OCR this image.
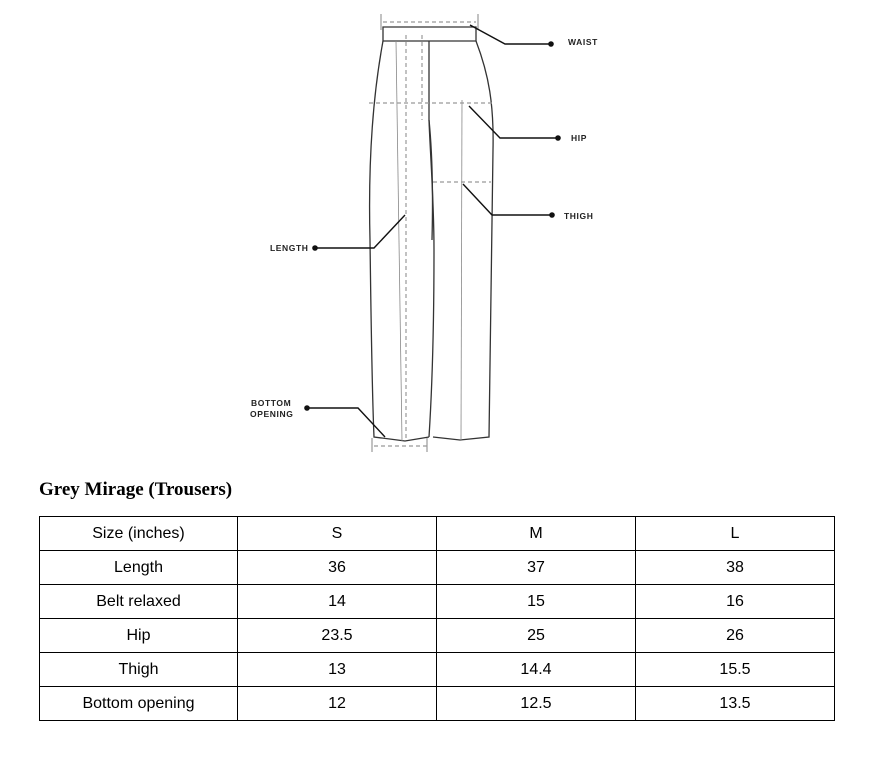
WAIST
HIP
THIGH
LENGTH
BOTTOM
OPENING
Grey Mirage (Trousers)
Size (inches)	S	M	L
Length	36	37	38
Belt relaxed	14	15	16
Hip	23.5	25	26
Thigh	13	14.4	15.5
Bottom opening	12	12.5	13.5
